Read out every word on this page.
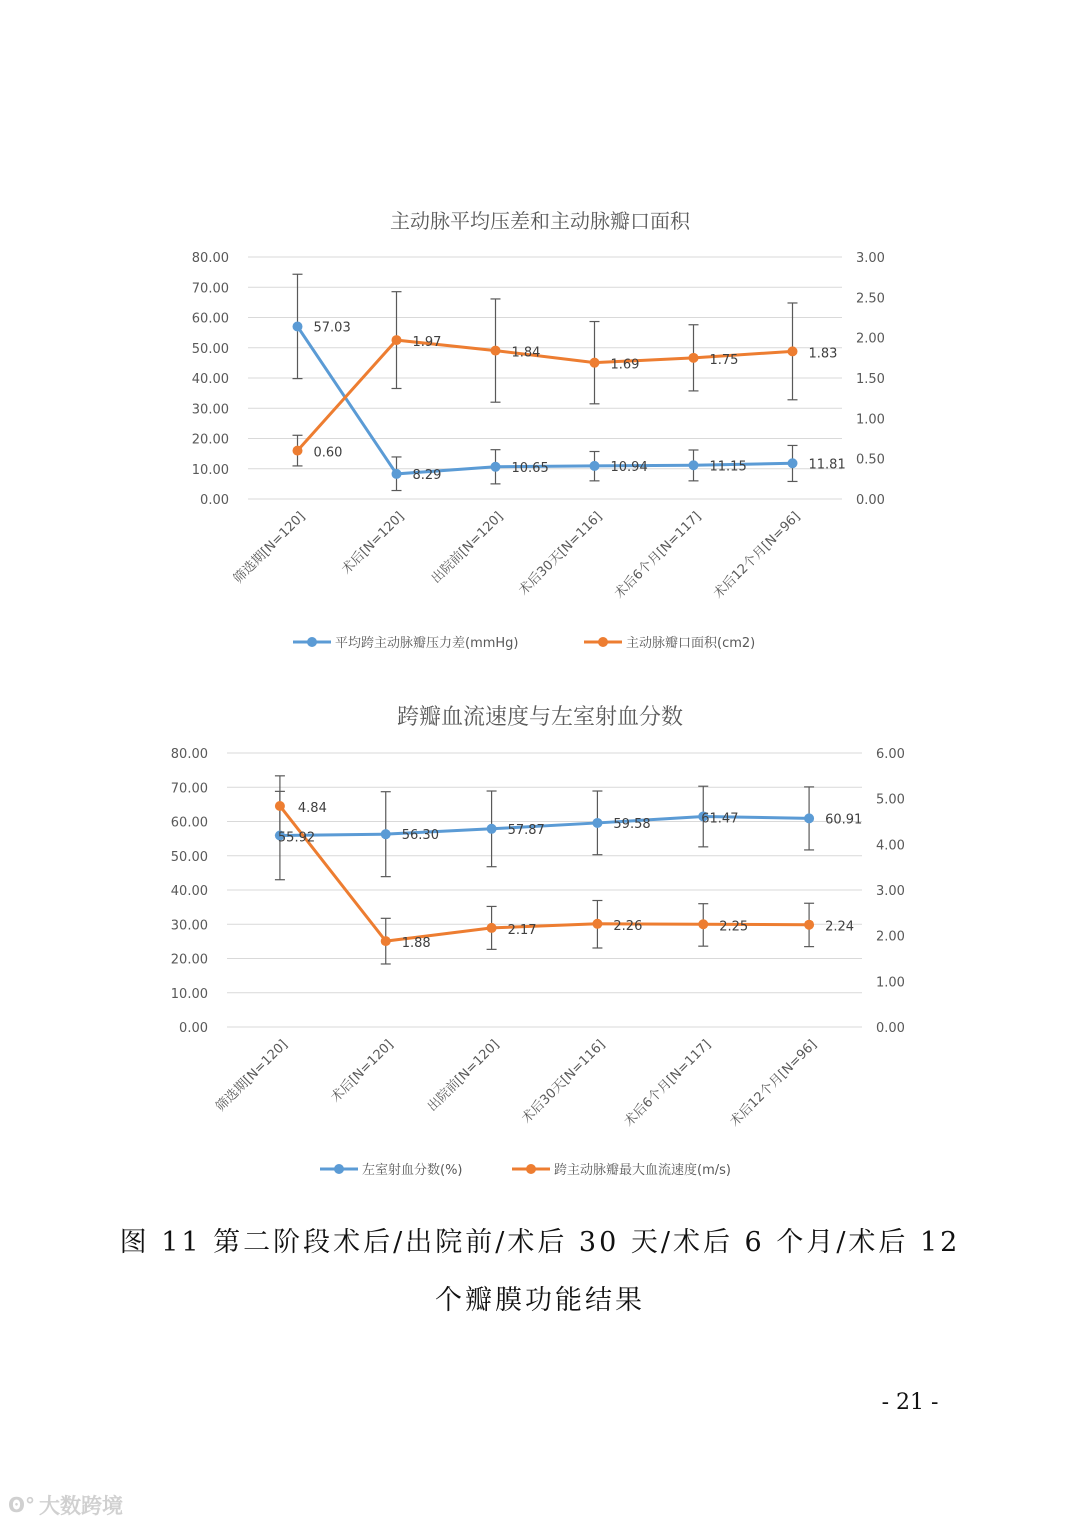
主动脉平均压差和主动脉瓣口面积
0.00
10.00
20.00
30.00
40.00
50.00
60.00
70.00
80.00
0.00
0.50
1.00
1.50
2.00
2.50
3.00
筛选期[N=120] 术后[N=120] 出院前[N=120] 术后30天[N=116] 术后6个月[N=117] 术后12个月[N=96]
57.03
8.29	10.65	10.94	11.15	11.81
0.60
1.97
1.84
1.69	1.75	1.83
平均跨主动脉瓣压力差(mmHg)	主动脉瓣口面积(cm2)
跨瓣血流速度与左室射血分数
0.00
10.00
20.00
30.00
40.00
50.00
60.00
70.00
80.00
0.00
1.00
2.00
3.00
4.00
5.00
6.00
筛选期[N=120]	术后[N=120] 出院前[N=120] 术后30天[N=116] 术后6个月[N=117] 术后12个月[N=96]
55.92	56.30	57.87	59.58	61.47	60.91
4.84
1.88
2.17	2.26	2.25	2.24
左室射血分数(%)	跨主动脉瓣最大血流速度(m/s)
图 11 第二阶段术后/出院前/术后 30 天/术后 6 个月/术后 12
个瓣膜功能结果
- 21 -
ʘ° 大数跨境
